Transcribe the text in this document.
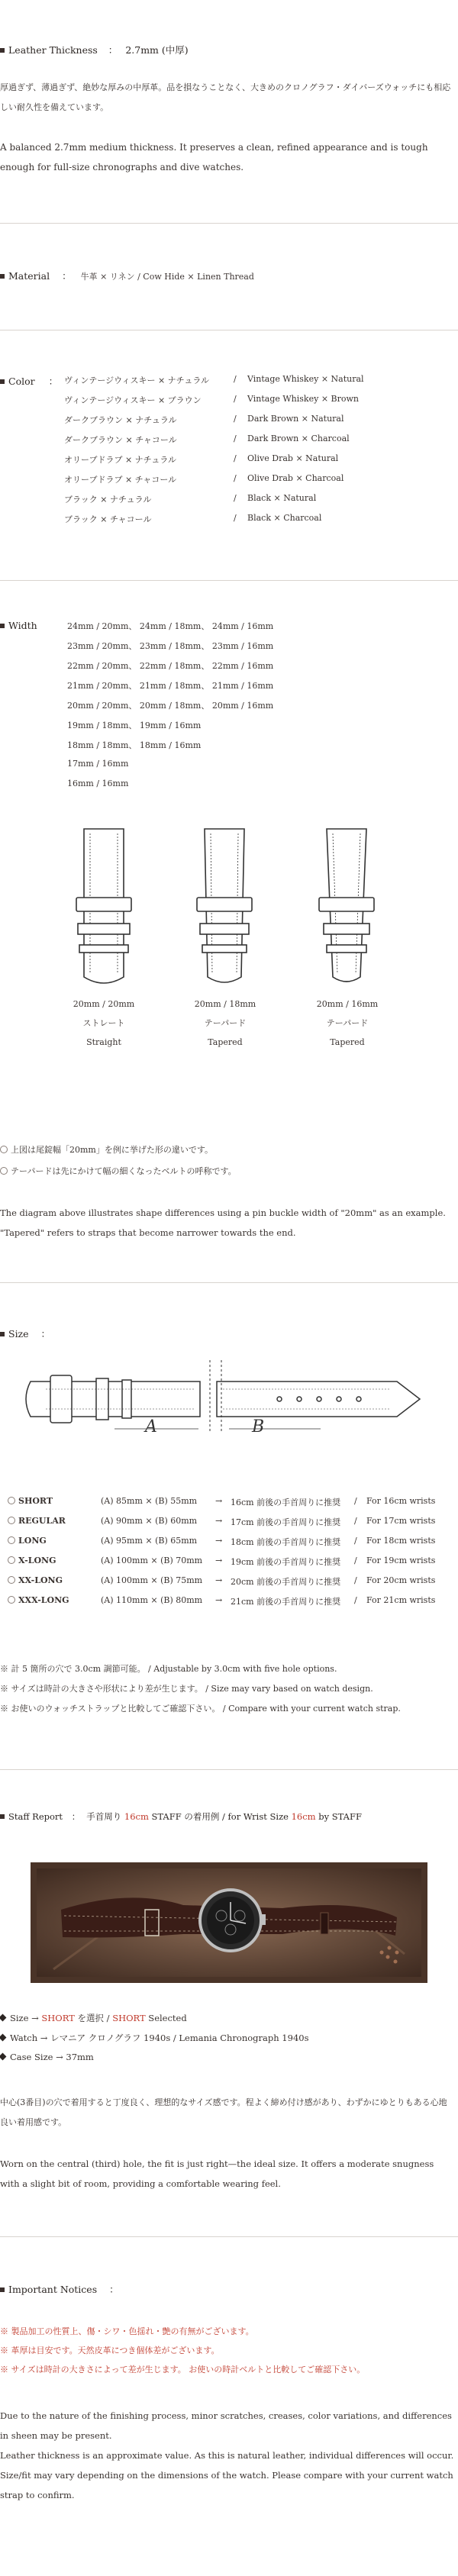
Leather Thickness ： 2.7mm (中厚)
厚過ぎず、薄過ぎず、絶妙な厚みの中厚革。品を損なうことなく、大きめのクロノグラフ・ダイバーズウォッチにも相応しい耐久性を備えています。
A balanced 2.7mm medium thickness. It preserves a clean, refined appearance and is tough enough for full-size chronographs and dive watches.
Material ： 牛革 × リネン / Cow Hide × Linen Thread
Color ： ヴィンテージウィスキー × ナチュラル	/ Vintage Whiskey × Natural
ヴィンテージウィスキー × ブラウン	/ Vintage Whiskey × Brown
ダークブラウン × ナチュラル	/ Dark Brown × Natural
ダークブラウン × チャコール	/ Dark Brown × Charcoal
オリーブドラブ × ナチュラル	/ Olive Drab × Natural
オリーブドラブ × チャコール	/ Olive Drab × Charcoal
ブラック × ナチュラル	/ Black × Natural
ブラック × チャコール	/ Black × Charcoal
Width	24mm / 20mm、 24mm / 18mm、 24mm / 16mm
23mm / 20mm、 23mm / 18mm、 23mm / 16mm
22mm / 20mm、 22mm / 18mm、 22mm / 16mm
21mm / 20mm、 21mm / 18mm、 21mm / 16mm
20mm / 20mm、 20mm / 18mm、 20mm / 16mm
19mm / 18mm、 19mm / 16mm
18mm / 18mm、 18mm / 16mm
17mm / 16mm
16mm / 16mm
20mm / 20mm
ストレート
Straight
20mm / 18mm
テーパード
Tapered
20mm / 16mm
テーパード
Tapered
上図は尾錠幅「20mm」を例に挙げた形の違いです。
テーパードは先にかけて幅の細くなったベルトの呼称です。
The diagram above illustrates shape differences using a pin buckle width of "20mm" as an example.
"Tapered" refers to straps that become narrower towards the end.
Size ：
A	B
SHORT	(A) 85mm × (B) 55mm → 16cm 前後の手首周りに推奨 / For 16cm wrists
REGULAR	(A) 90mm × (B) 60mm → 17cm 前後の手首周りに推奨 / For 17cm wrists
LONG	(A) 95mm × (B) 65mm → 18cm 前後の手首周りに推奨 / For 18cm wrists
X-LONG	(A) 100mm × (B) 70mm → 19cm 前後の手首周りに推奨 / For 19cm wrists
XX-LONG	(A) 100mm × (B) 75mm → 20cm 前後の手首周りに推奨 / For 20cm wrists
XXX-LONG	(A) 110mm × (B) 80mm → 21cm 前後の手首周りに推奨 / For 21cm wrists
※ 計 5 箇所の穴で 3.0cm 調節可能。 / Adjustable by 3.0cm with five hole options.
※ サイズは時計の大きさや形状により差が生じます。 / Size may vary based on watch design.
※ お使いのウォッチストラップと比較してご確認下さい。 / Compare with your current watch strap.
Staff Report ： 手首周り 16cm STAFF の着用例 / for Wrist Size 16cm by STAFF
Size → SHORT を選択 / SHORT Selected
Watch → レマニア クロノグラフ 1940s / Lemania Chronograph 1940s
Case Size → 37mm
中心(3番目)の穴で着用すると丁度良く、理想的なサイズ感です。程よく締め付け感があり、わずかにゆとりもある心地良い着用感です。
Worn on the central (third) hole, the fit is just right—the ideal size. It offers a moderate snugness with a slight bit of room, providing a comfortable wearing feel.
Important Notices ：
※ 製品加工の性質上、傷・シワ・色揺れ・艶の有無がございます。
※ 革厚は目安です。天然皮革につき個体差がございます。
※ サイズは時計の大きさによって差が生じます。 お使いの時計ベルトと比較してご確認下さい。
Due to the nature of the finishing process, minor scratches, creases, color variations, and differences in sheen may be present.
Leather thickness is an approximate value. As this is natural leather, individual differences will occur.
Size/fit may vary depending on the dimensions of the watch. Please compare with your current watch strap to confirm.
